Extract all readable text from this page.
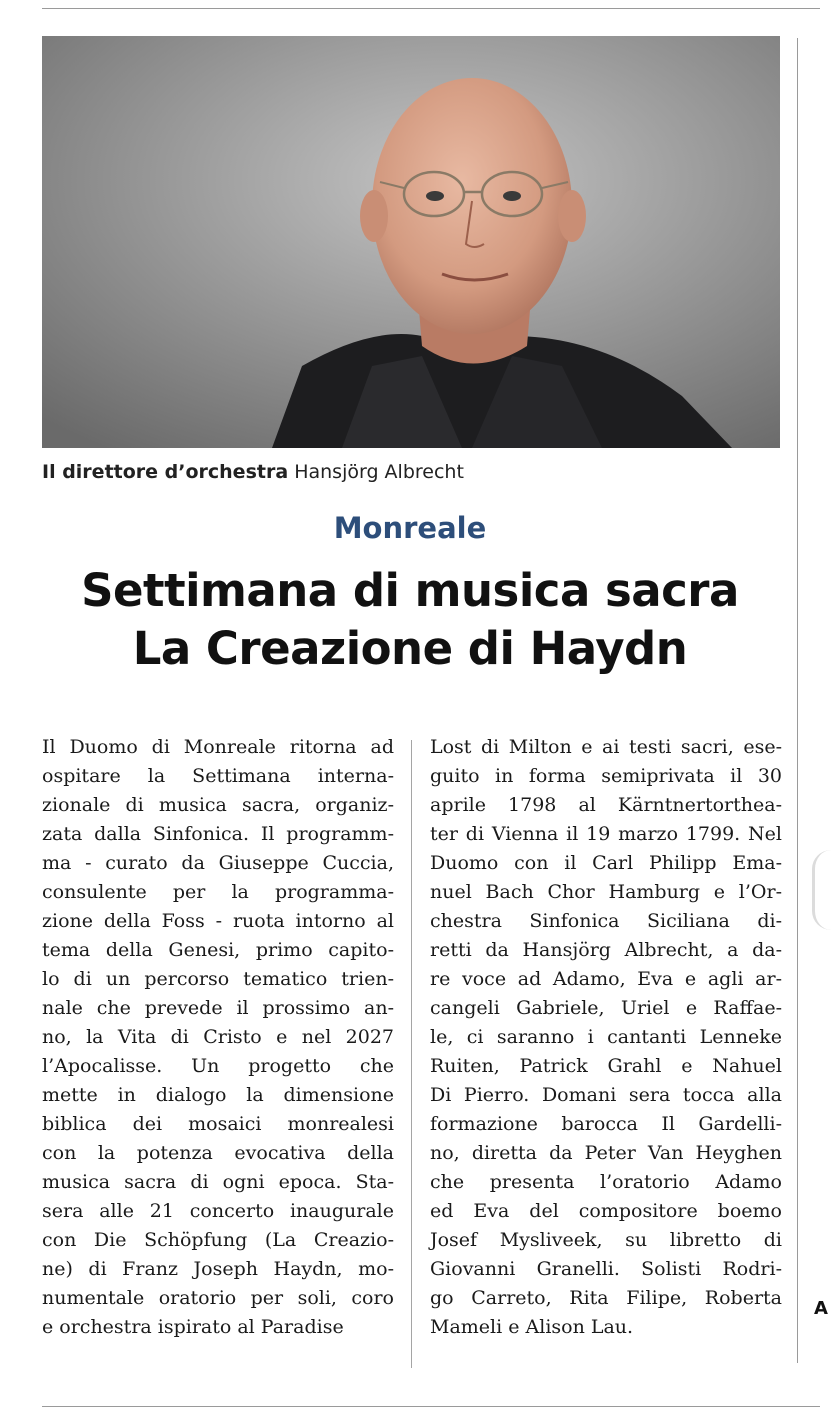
Il direttore d’orchestra Hansjörg Albrecht
Monreale
Settimana di musica sacra
La Creazione di Haydn
Il Duomo di Monreale ritorna ad
ospitare la Settimana interna-
zionale di musica sacra, organiz-
zata dalla Sinfonica. Il programm-
ma - curato da Giuseppe Cuccia,
consulente per la programma-
zione della Foss - ruota intorno al
tema della Genesi, primo capito-
lo di un percorso tematico trien-
nale che prevede il prossimo an-
no, la Vita di Cristo e nel 2027
l’Apocalisse. Un progetto che
mette in dialogo la dimensione
biblica dei mosaici monrealesi
con la potenza evocativa della
musica sacra di ogni epoca. Sta-
sera alle 21 concerto inaugurale
con Die Schöpfung (La Creazio-
ne) di Franz Joseph Haydn, mo-
numentale oratorio per soli, coro
e orchestra ispirato al Paradise
Lost di Milton e ai testi sacri, ese-
guito in forma semiprivata il 30
aprile 1798 al Kärntnertorthea-
ter di Vienna il 19 marzo 1799. Nel
Duomo con il Carl Philipp Ema-
nuel Bach Chor Hamburg e l’Or-
chestra Sinfonica Siciliana di-
retti da Hansjörg Albrecht, a da-
re voce ad Adamo, Eva e agli ar-
cangeli Gabriele, Uriel e Raffae-
le, ci saranno i cantanti Lenneke
Ruiten, Patrick Grahl e Nahuel
Di Pierro. Domani sera tocca alla
formazione barocca Il Gardelli-
no, diretta da Peter Van Heyghen
che presenta l’oratorio Adamo
ed Eva del compositore boemo
Josef Mysliveek, su libretto di
Giovanni Granelli. Solisti Rodri-
go Carreto, Rita Filipe, Roberta
Mameli e Alison Lau.
A
